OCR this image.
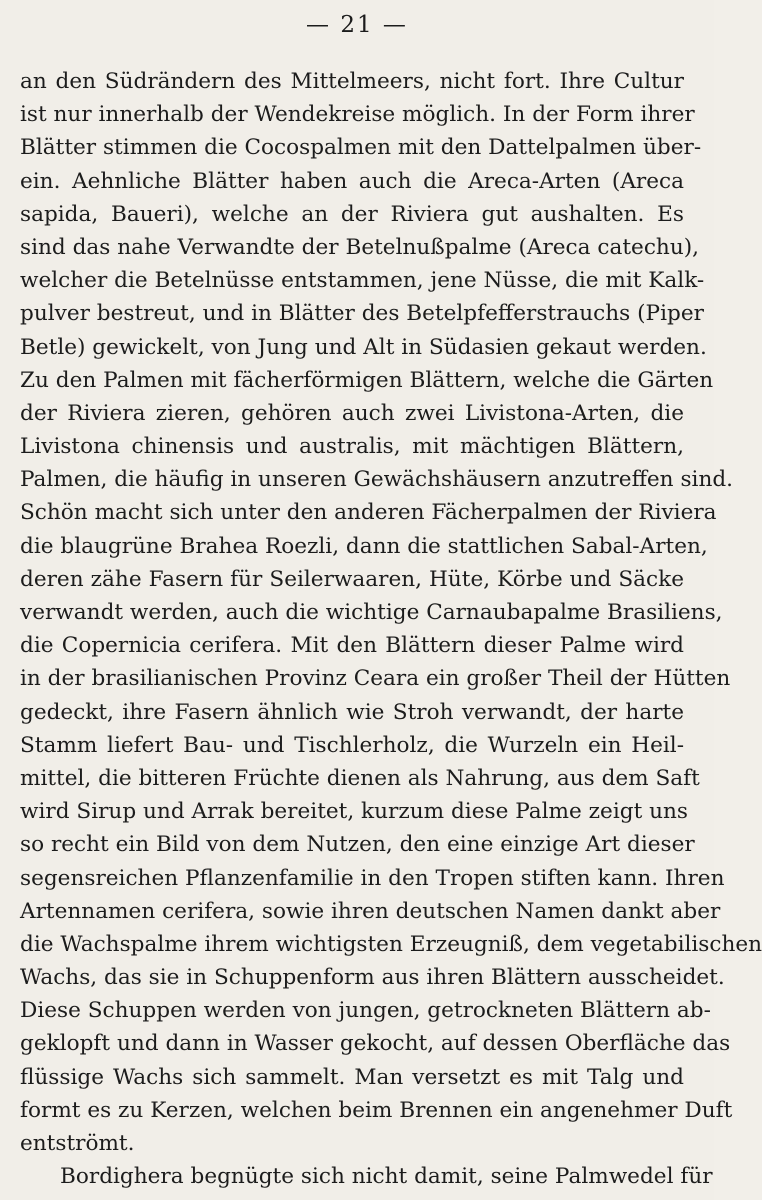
— 21 —
an den Südrändern des Mittelmeers, nicht fort. Ihre Cultur
ist nur innerhalb der Wendekreise möglich. In der Form ihrer
Blätter stimmen die Cocospalmen mit den Dattelpalmen über-
ein. Aehnliche Blätter haben auch die Areca-Arten (Areca
sapida, Baueri), welche an der Riviera gut aushalten. Es
sind das nahe Verwandte der Betelnußpalme (Areca catechu),
welcher die Betelnüsse entstammen, jene Nüsse, die mit Kalk-
pulver bestreut, und in Blätter des Betelpfefferstrauchs (Piper
Betle) gewickelt, von Jung und Alt in Südasien gekaut werden.
Zu den Palmen mit fächerförmigen Blättern, welche die Gärten
der Riviera zieren, gehören auch zwei Livistona-Arten, die
Livistona chinensis und australis, mit mächtigen Blättern,
Palmen, die häufig in unseren Gewächshäusern anzutreffen sind.
Schön macht sich unter den anderen Fächerpalmen der Riviera
die blaugrüne Brahea Roezli, dann die stattlichen Sabal-Arten,
deren zähe Fasern für Seilerwaaren, Hüte, Körbe und Säcke
verwandt werden, auch die wichtige Carnaubapalme Brasiliens,
die Copernicia cerifera. Mit den Blättern dieser Palme wird
in der brasilianischen Provinz Ceara ein großer Theil der Hütten
gedeckt, ihre Fasern ähnlich wie Stroh verwandt, der harte
Stamm liefert Bau- und Tischlerholz, die Wurzeln ein Heil-
mittel, die bitteren Früchte dienen als Nahrung, aus dem Saft
wird Sirup und Arrak bereitet, kurzum diese Palme zeigt uns
so recht ein Bild von dem Nutzen, den eine einzige Art dieser
segensreichen Pflanzenfamilie in den Tropen stiften kann. Ihren
Artennamen cerifera, sowie ihren deutschen Namen dankt aber
die Wachspalme ihrem wichtigsten Erzeugniß, dem vegetabilischen
Wachs, das sie in Schuppenform aus ihren Blättern ausscheidet.
Diese Schuppen werden von jungen, getrockneten Blättern ab-
geklopft und dann in Wasser gekocht, auf dessen Oberfläche das
flüssige Wachs sich sammelt. Man versetzt es mit Talg und
formt es zu Kerzen, welchen beim Brennen ein angenehmer Duft
entströmt.
Bordighera begnügte sich nicht damit, seine Palmwedel für
